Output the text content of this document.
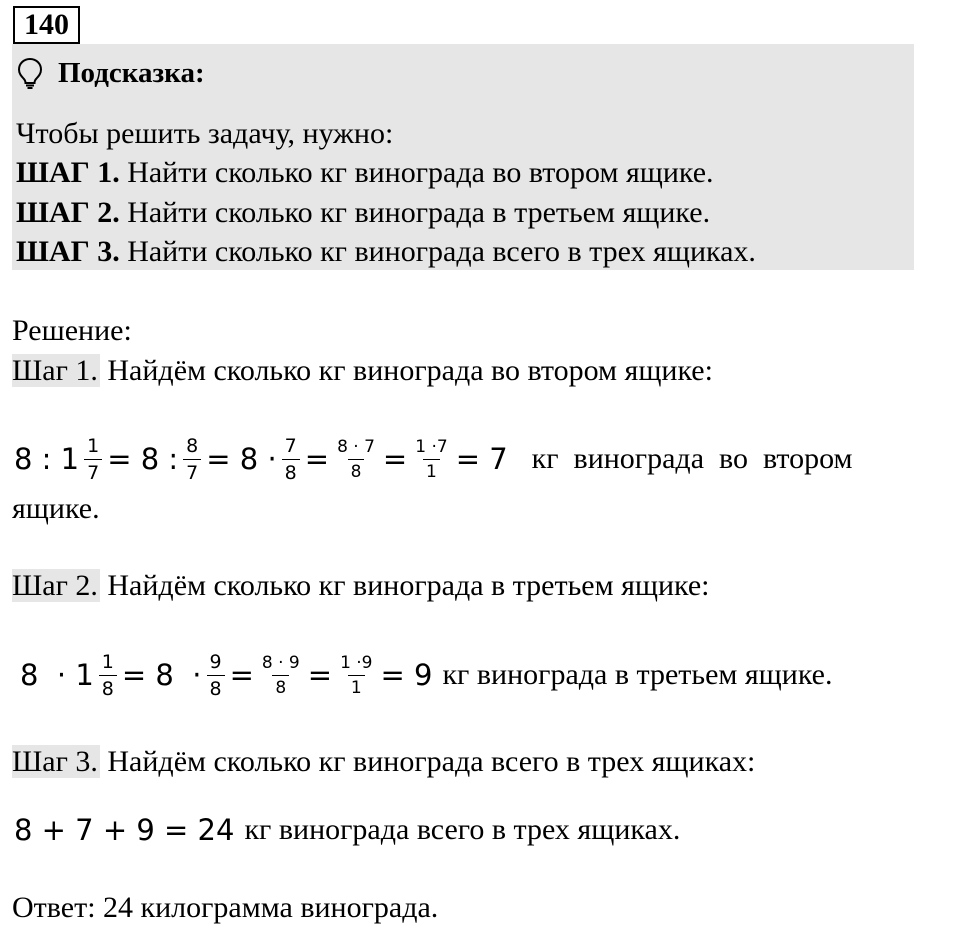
140
Подсказка:
Чтобы решить задачу, нужно:
ШАГ 1. Найти сколько кг винограда во втором ящике.
ШАГ 2. Найти сколько кг винограда в третьем ящике.
ШАГ 3. Найти сколько кг винограда всего в трех ящиках.
Решение:
Шаг 1. Найдём сколько кг винограда во втором ящике:
8 : $1 \frac{1}{7} = 8$ : $\frac{8}{7} = 8 \cdot \frac{7}{8} = \frac{8 \cdot 7}{8} = \frac{1 \cdot 7}{1} = 7$ кг  винограда  во  втором
ящике.
Шаг 2. Найдём сколько кг винограда в третьем ящике:
$8 \cdot 1 \frac{1}{8} = 8 \cdot \frac{9}{8} = \frac{8 \cdot 9}{8} = \frac{1 \cdot 9}{1} = 9$ кг винограда в третьем ящике.
Шаг 3. Найдём сколько кг винограда всего в трех ящиках:
8 + 7 + 9 = 24 кг винограда всего в трех ящиках.
Ответ: 24 килограмма винограда.
